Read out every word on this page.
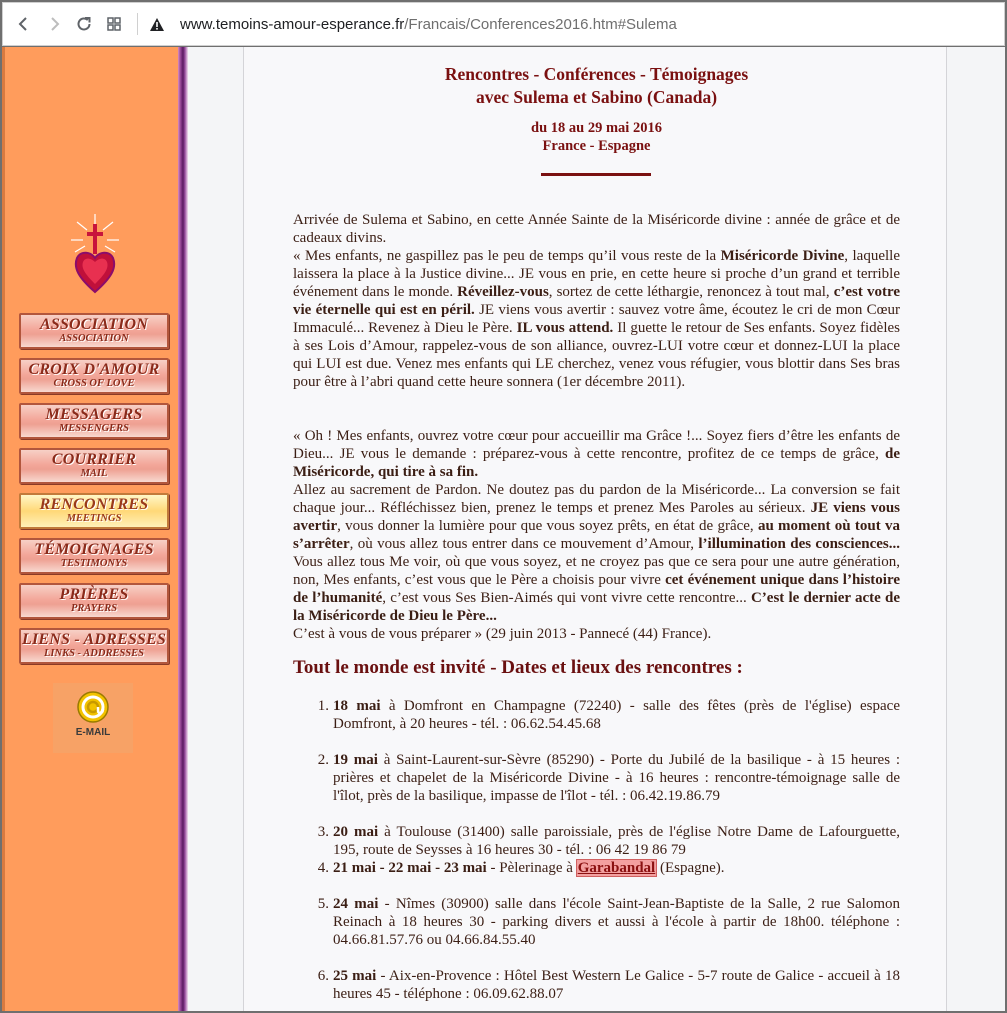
www.temoins-amour-esperance.fr/Francais/Conferences2016.htm#Sulema
ASSOCIATION
ASSOCIATION
CROIX D'AMOUR
CROSS OF LOVE
MESSAGERS
MESSENGERS
COURRIER
MAIL
RENCONTRES
MEETINGS
TÉMOIGNAGES
TESTIMONYS
PRIÈRES
PRAYERS
LIENS - ADRESSES
LINKS - ADDRESSES
E-MAIL
Rencontres - Conférences - Témoignages
avec Sulema et Sabino (Canada)
du 18 au 29 mai 2016
France - Espagne
Arrivée de Sulema et Sabino, en cette Année Sainte de la Miséricorde divine : année de grâce et de cadeaux divins.
« Mes enfants, ne gaspillez pas le peu de temps qu’il vous reste de la Miséricorde Divine, laquelle laissera la place à la Justice divine... JE vous en prie, en cette heure si proche d’un grand et terrible événement dans le monde. Réveillez-vous, sortez de cette léthargie, renoncez à tout mal, c’est votre vie éternelle qui est en péril. JE viens vous avertir : sauvez votre âme, écoutez le cri de mon Cœur Immaculé... Revenez à Dieu le Père. IL vous attend. Il guette le retour de Ses enfants. Soyez fidèles à ses Lois d’Amour, rappelez-vous de son alliance, ouvrez-LUI votre cœur et donnez-LUI la place qui LUI est due. Venez mes enfants qui LE cherchez, venez vous réfugier, vous blottir dans Ses bras pour être à l’abri quand cette heure sonnera (1er décembre 2011).
« Oh ! Mes enfants, ouvrez votre cœur pour accueillir ma Grâce !... Soyez fiers d’être les enfants de Dieu... JE vous le demande : préparez-vous à cette rencontre, profitez de ce temps de grâce, de Miséricorde, qui tire à sa fin.
Allez au sacrement de Pardon. Ne doutez pas du pardon de la Miséricorde... La conversion se fait chaque jour... Réfléchissez bien, prenez le temps et prenez Mes Paroles au sérieux. JE viens vous avertir, vous donner la lumière pour que vous soyez prêts, en état de grâce, au moment où tout va s’arrêter, où vous allez tous entrer dans ce mouvement d’Amour, l’illumination des consciences... Vous allez tous Me voir, où que vous soyez, et ne croyez pas que ce sera pour une autre génération, non, Mes enfants, c’est vous que le Père a choisis pour vivre cet événement unique dans l’histoire de l’humanité, c’est vous Ses Bien-Aimés qui vont vivre cette rencontre... C’est le dernier acte de la Miséricorde de Dieu le Père...
C’est à vous de vous préparer » (29 juin 2013 - Pannecé (44) France).
Tout le monde est invité - Dates et lieux des rencontres :
1. 18 mai à Domfront en Champagne (72240) - salle des fêtes (près de l'église) espace Domfront, à 20 heures - tél. : 06.62.54.45.68
2. 19 mai à Saint-Laurent-sur-Sèvre (85290) - Porte du Jubilé de la basilique - à 15 heures : prières et chapelet de la Miséricorde Divine - à 16 heures : rencontre-témoignage salle de l'îlot, près de la basilique, impasse de l'îlot - tél. : 06.42.19.86.79
3. 20 mai à Toulouse (31400) salle paroissiale, près de l'église Notre Dame de Lafourguette, 195, route de Seysses à 16 heures 30 - tél. : 06 42 19 86 79
4. 21 mai - 22 mai - 23 mai - Pèlerinage à Garabandal (Espagne).
5. 24 mai - Nîmes (30900) salle dans l'école Saint-Jean-Baptiste de la Salle, 2 rue Salomon Reinach à 18 heures 30 - parking divers et aussi à l'école à partir de 18h00. téléphone : 04.66.81.57.76 ou 04.66.84.55.40
6. 25 mai - Aix-en-Provence : Hôtel Best Western Le Galice - 5-7 route de Galice - accueil à 18 heures 45 - téléphone : 06.09.62.88.07
